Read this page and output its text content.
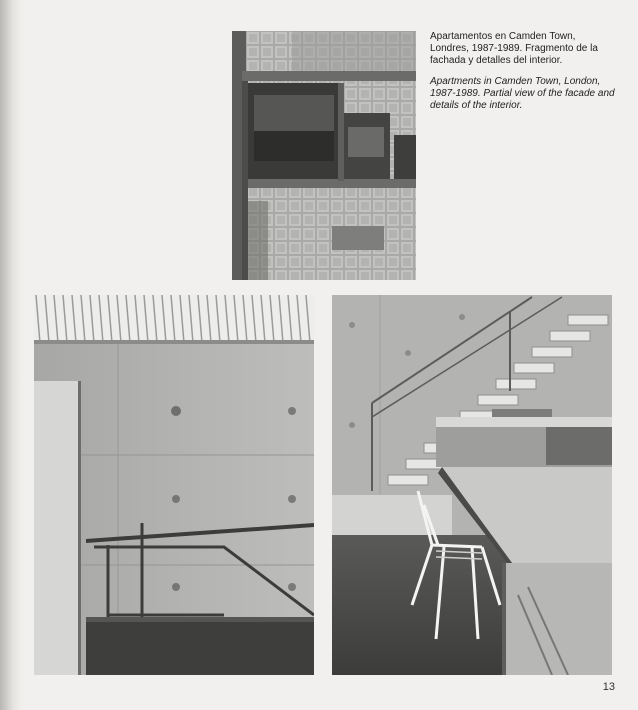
Apartamentos en Camden Town, Londres, 1987-1989. Fragmento de la fachada y detalles del interior.

Apartments in Camden Town, London, 1987-1989. Partial view of the facade and details of the interior.

13
